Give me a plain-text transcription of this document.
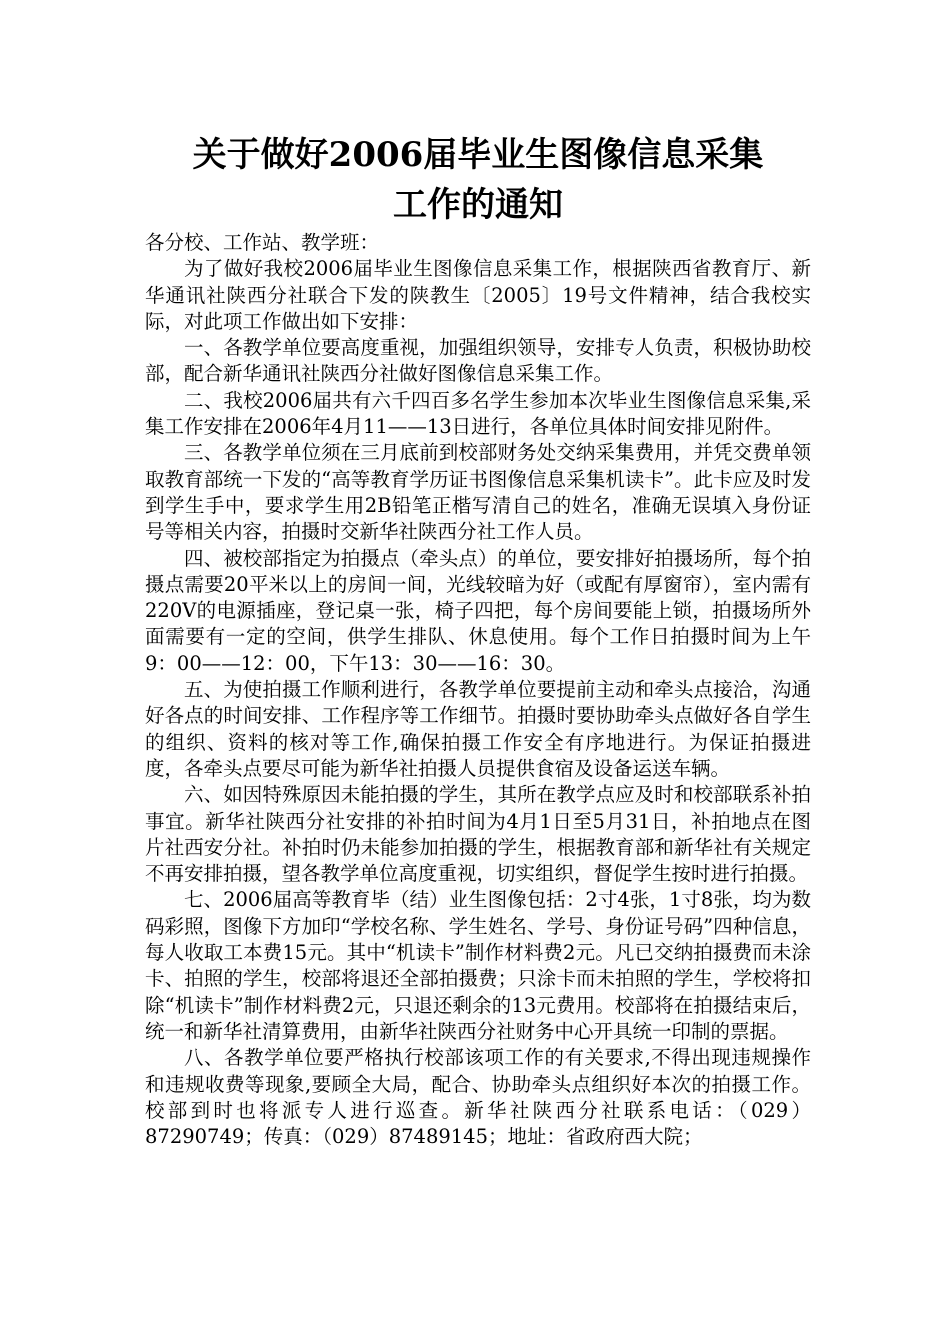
关于做好2006届毕业生图像信息采集
工作的通知

各分校、工作站、教学班：

为了做好我校2006届毕业生图像信息采集工作，根据陕西省教育厅、新华通讯社陕西分社联合下发的陕教生〔2005〕19号文件精神，结合我校实际，对此项工作做出如下安排：

一、各教学单位要高度重视，加强组织领导，安排专人负责，积极协助校部，配合新华通讯社陕西分社做好图像信息采集工作。

二、我校2006届共有六千四百多名学生参加本次毕业生图像信息采集,采集工作安排在2006年4月11——13日进行，各单位具体时间安排见附件。

三、各教学单位须在三月底前到校部财务处交纳采集费用，并凭交费单领取教育部统一下发的“高等教育学历证书图像信息采集机读卡”。此卡应及时发到学生手中，要求学生用2B铅笔正楷写清自己的姓名，准确无误填入身份证号等相关内容，拍摄时交新华社陕西分社工作人员。

四、被校部指定为拍摄点（牵头点）的单位，要安排好拍摄场所，每个拍摄点需要20平米以上的房间一间，光线较暗为好（或配有厚窗帘），室内需有220V的电源插座，登记桌一张，椅子四把，每个房间要能上锁，拍摄场所外面需要有一定的空间，供学生排队、休息使用。每个工作日拍摄时间为上午9：00——12：00，下午13：30——16：30。

五、为使拍摄工作顺利进行，各教学单位要提前主动和牵头点接洽，沟通好各点的时间安排、工作程序等工作细节。拍摄时要协助牵头点做好各自学生的组织、资料的核对等工作,确保拍摄工作安全有序地进行。为保证拍摄进度，各牵头点要尽可能为新华社拍摄人员提供食宿及设备运送车辆。

六、如因特殊原因未能拍摄的学生，其所在教学点应及时和校部联系补拍事宜。新华社陕西分社安排的补拍时间为4月1日至5月31日，补拍地点在图片社西安分社。补拍时仍未能参加拍摄的学生，根据教育部和新华社有关规定不再安排拍摄，望各教学单位高度重视，切实组织，督促学生按时进行拍摄。

七、2006届高等教育毕（结）业生图像包括：2寸4张，1寸8张，均为数码彩照，图像下方加印“学校名称、学生姓名、学号、身份证号码”四种信息，每人收取工本费15元。其中“机读卡”制作材料费2元。凡已交纳拍摄费而未涂卡、拍照的学生，校部将退还全部拍摄费；只涂卡而未拍照的学生，学校将扣除“机读卡”制作材料费2元，只退还剩余的13元费用。校部将在拍摄结束后，统一和新华社清算费用，由新华社陕西分社财务中心开具统一印制的票据。

八、各教学单位要严格执行校部该项工作的有关要求,不得出现违规操作和违规收费等现象,要顾全大局，配合、协助牵头点组织好本次的拍摄工作。校部到时也将派专人进行巡查。新华社陕西分社联系电话：（029）87290749；传真：（029）87489145；地址：省政府西大院；
